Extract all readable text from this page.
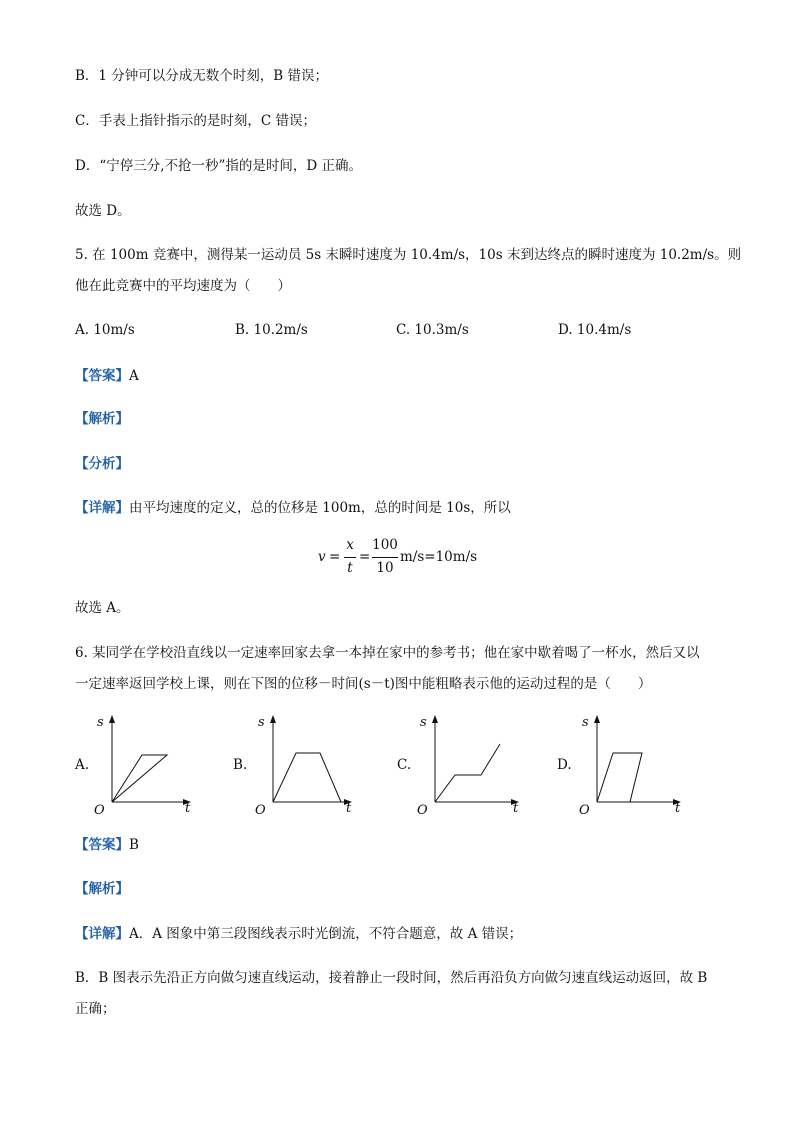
B．1 分钟可以分成无数个时刻，B 错误；
C．手表上指针指示的是时刻，C 错误；
D．“宁停三分,不抢一秒”指的是时间，D 正确。
故选 D。
5. 在 100m 竞赛中，测得某一运动员 5s 末瞬时速度为 10.4m/s，10s 末到达终点的瞬时速度为 10.2m/s。则
他在此竞赛中的平均速度为（　　）
A. 10m/s	B. 10.2m/s	C. 10.3m/s	D. 10.4m/s
【答案】A
【解析】
【分析】
【详解】由平均速度的定义，总的位移是 100m，总的时间是 10s，所以
v =
x
t
=
100
10
m/s=10m/s
故选 A。
6. 某同学在学校沿直线以一定速率回家去拿一本掉在家中的参考书；他在家中歇着喝了一杯水，然后又以
一定速率返回学校上课，则在下图的位移－时间(s－t)图中能粗略表示他的运动过程的是（　　）
A.
s
t
O
B.
s
t
O
C.
s
t
O
D.
s
t
O
【答案】B
【解析】
【详解】A．A 图象中第三段图线表示时光倒流，不符合题意，故 A 错误；
B．B 图表示先沿正方向做匀速直线运动，接着静止一段时间，然后再沿负方向做匀速直线运动返回，故 B
正确；
